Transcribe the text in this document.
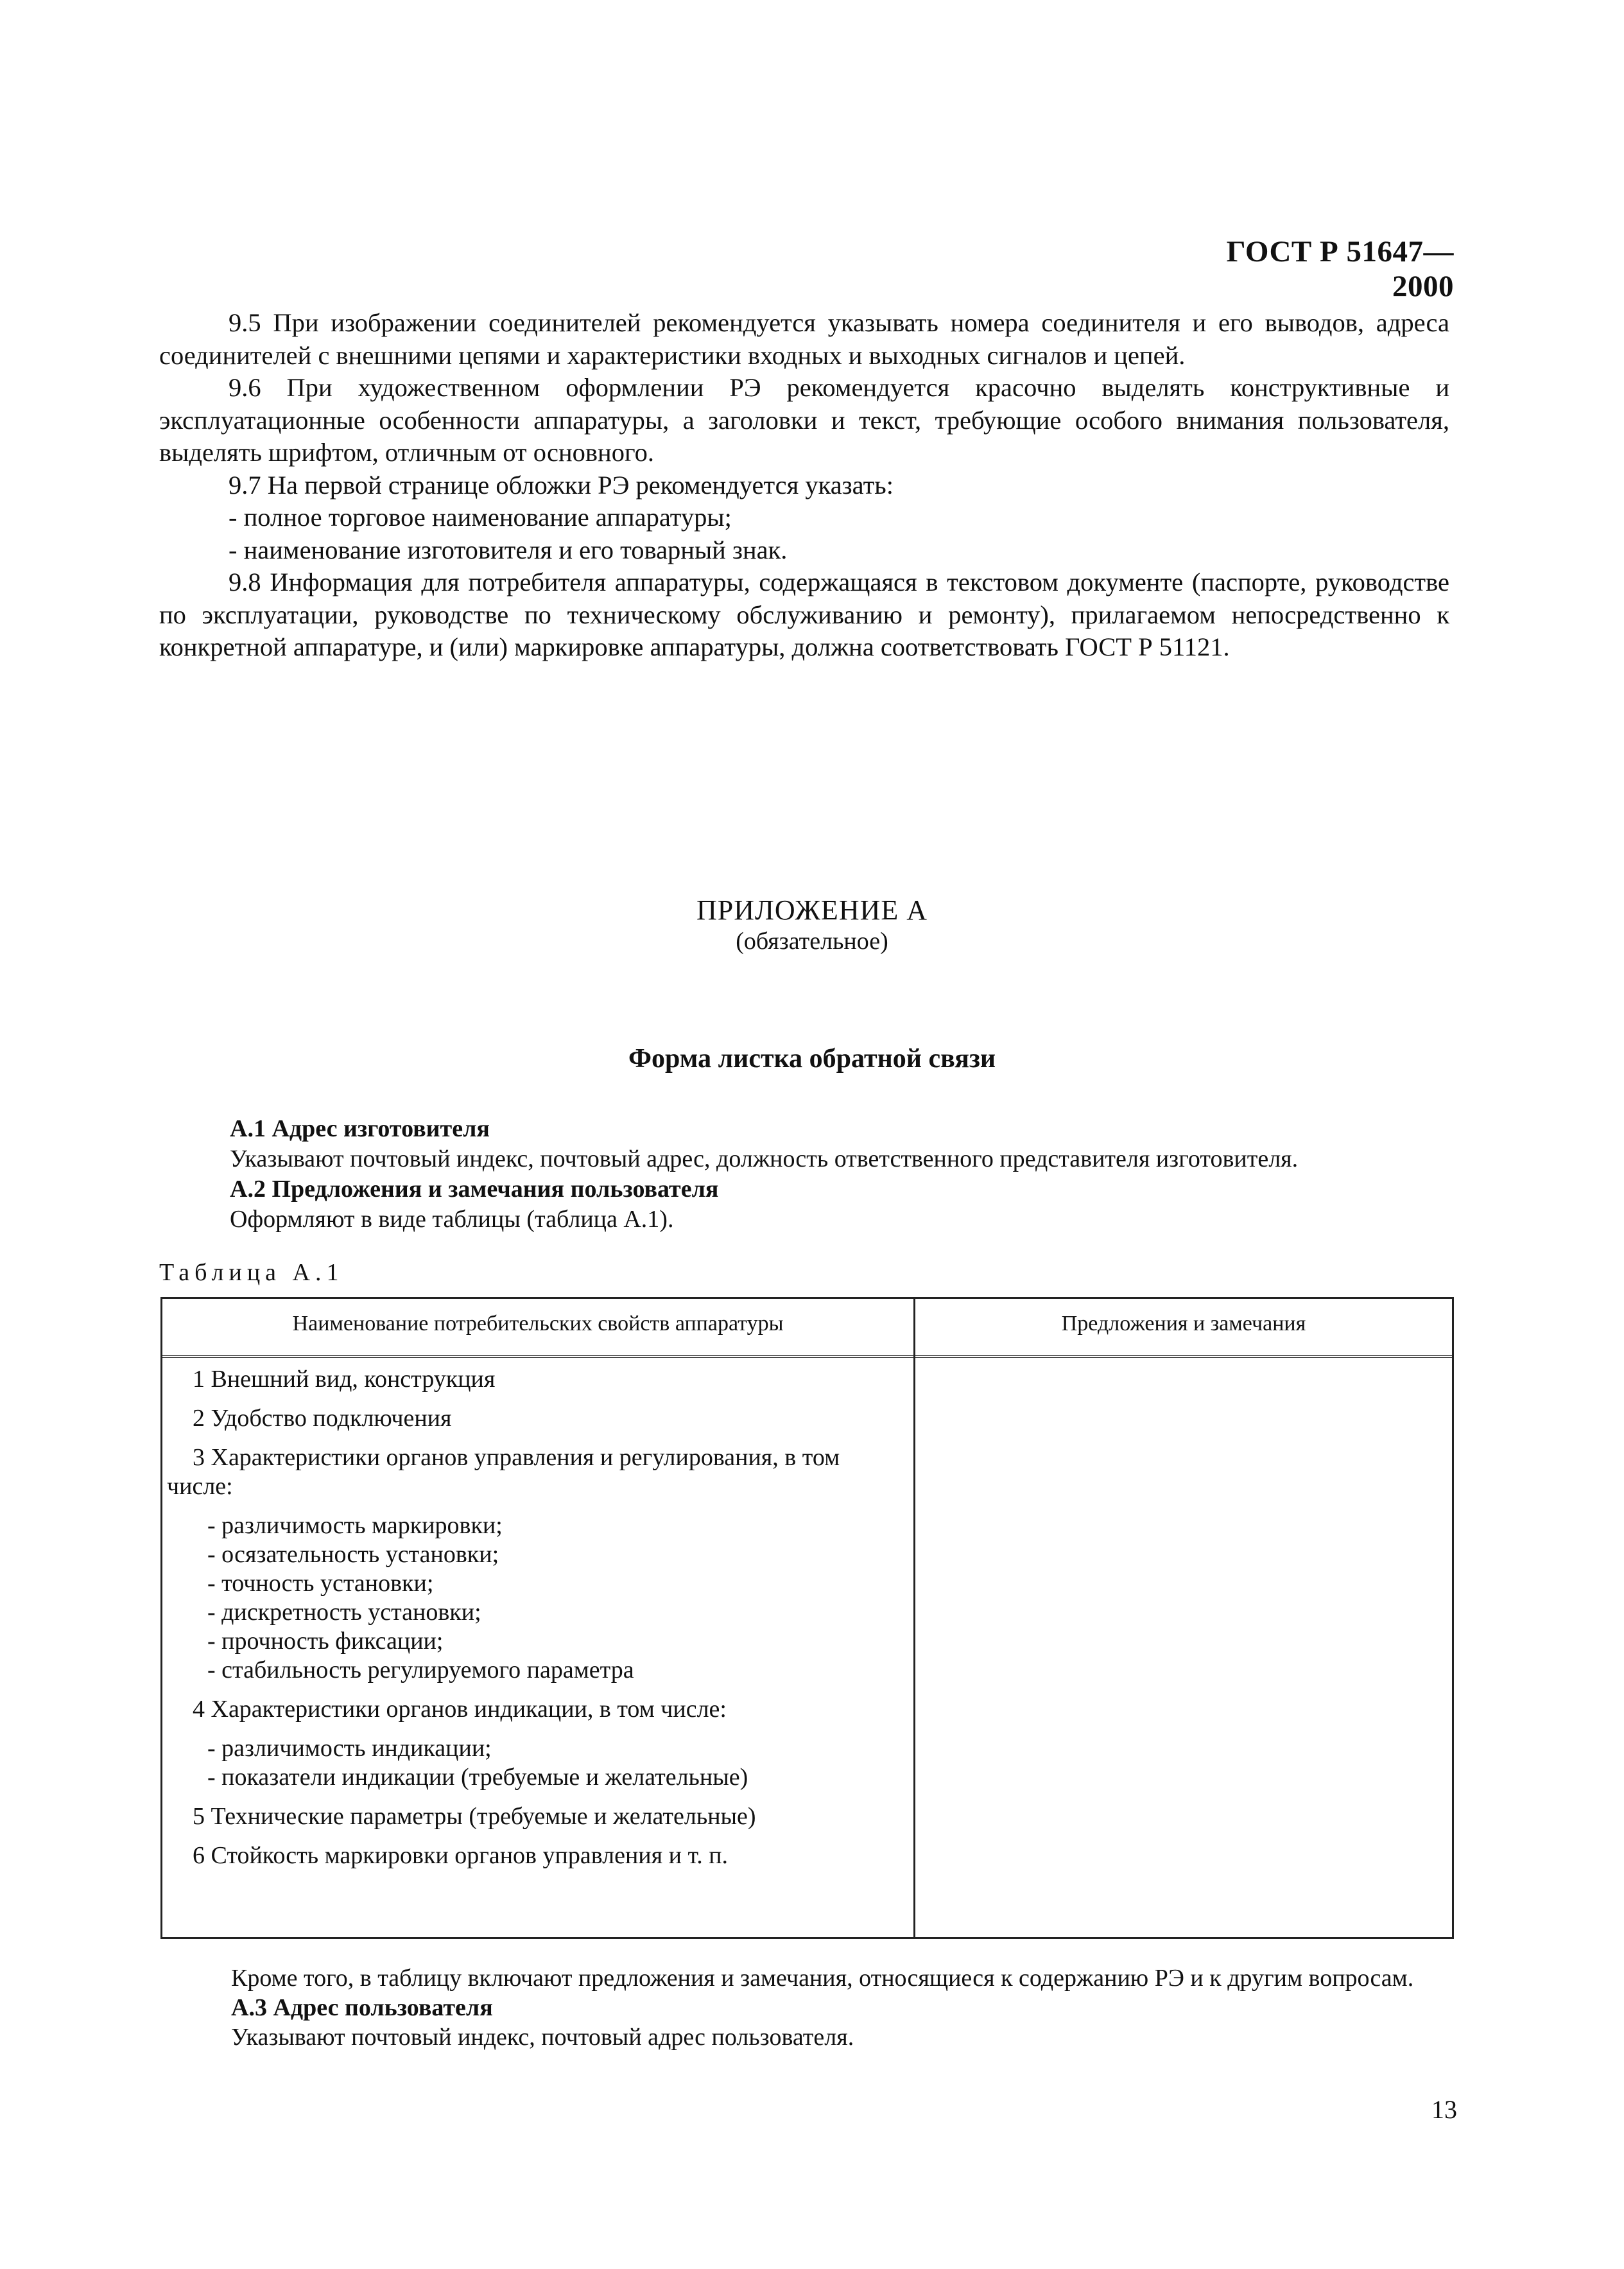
ГОСТ Р 51647—2000

9.5 При изображении соединителей рекомендуется указывать номера соединителя и его выводов, адреса соединителей с внешними цепями и характеристики входных и выходных сигналов и цепей.

9.6 При художественном оформлении РЭ рекомендуется красочно выделять конструктивные и эксплуатационные особенности аппаратуры, а заголовки и текст, требующие особого внимания пользователя, выделять шрифтом, отличным от основного.

9.7 На первой странице обложки РЭ рекомендуется указать:

- полное торговое наименование аппаратуры;

- наименование изготовителя и его товарный знак.

9.8 Информация для потребителя аппаратуры, содержащаяся в текстовом документе (паспорте, руководстве по эксплуатации, руководстве по техническому обслуживанию и ремонту), прилагаемом непосредственно к конкретной аппаратуре, и (или) маркировке аппаратуры, должна соответствовать ГОСТ Р 51121.

ПРИЛОЖЕНИЕ А
(обязательное)
Форма листка обратной связи

А.1 Адрес изготовителя

Указывают почтовый индекс, почтовый адрес, должность ответственного представителя изготовителя.

А.2 Предложения и замечания пользователя

Оформляют в виде таблицы (таблица А.1).

Таблица А.1
Наименование потребительских свойств аппаратуры	Предложения и замечания
1 Внешний вид, конструкция
2 Удобство подключения
3 Характеристики органов управления и регулирования, в том числе:
- различимость маркировки;
- осязательность установки;
- точность установки;
- дискретность установки;
- прочность фиксации;
- стабильность регулируемого параметра
4 Характеристики органов индикации, в том числе:
- различимость индикации;
- показатели индикации (требуемые и желательные)
5 Технические параметры (требуемые и желательные)
6 Стойкость маркировки органов управления и т. п.

Кроме того, в таблицу включают предложения и замечания, относящиеся к содержанию РЭ и к другим вопросам.

А.3 Адрес пользователя

Указывают почтовый индекс, почтовый адрес пользователя.

13
